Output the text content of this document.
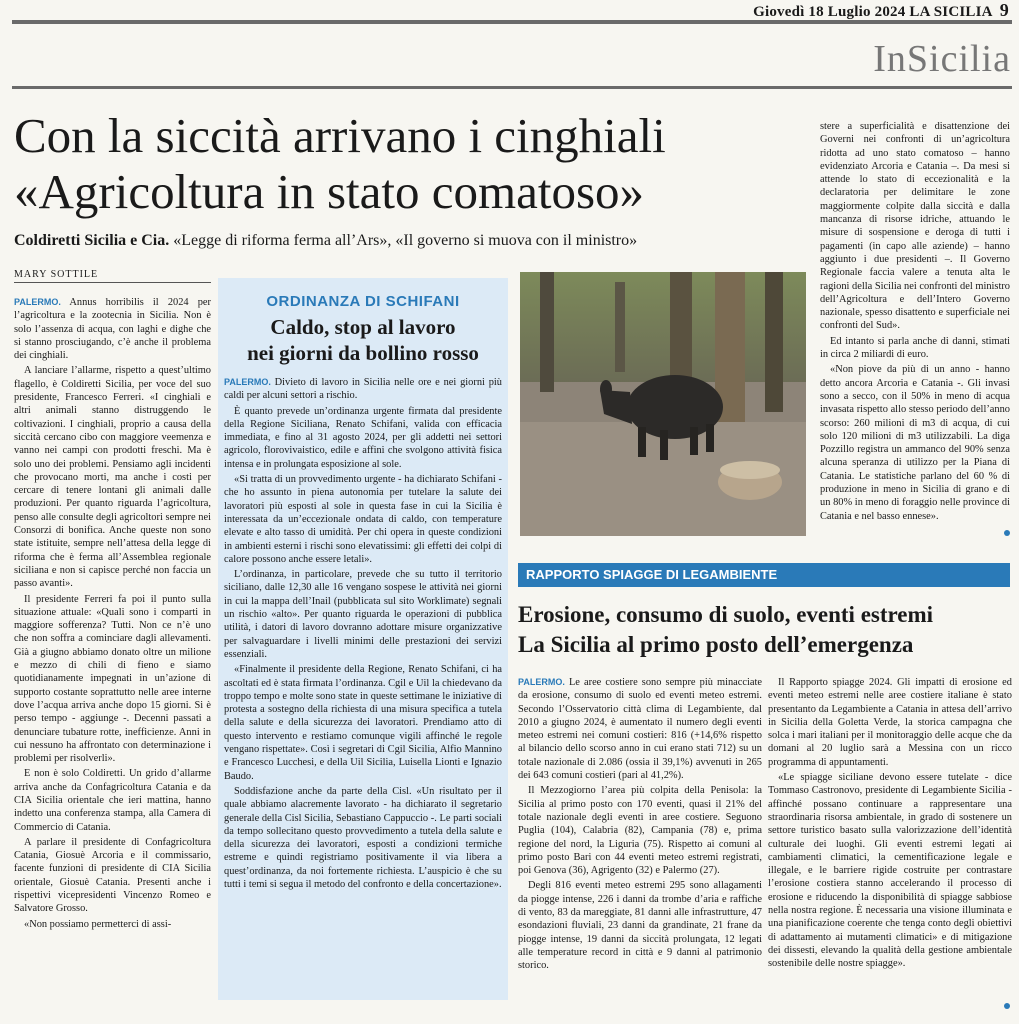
Giovedì 18 Luglio 2024 LA SICILIA 9
InSicilia
Con la siccità arrivano i cinghiali
«Agricoltura in stato comatoso»
Coldiretti Sicilia e Cia. «Legge di riforma ferma all’Ars», «Il governo si muova con il ministro»
MARY SOTTILE

PALERMO. Annus horribilis il 2024 per l’agricoltura e la zootecnia in Sicilia. Non è solo l’assenza di acqua, con laghi e dighe che si stanno prosciugando, c’è anche il problema dei cinghiali.

A lanciare l’allarme, rispetto a quest’ultimo flagello, è Coldiretti Sicilia, per voce del suo presidente, Francesco Ferreri. «I cinghiali e altri animali stanno distruggendo le coltivazioni. I cinghiali, proprio a causa della siccità cercano cibo con maggiore veemenza e vanno nei campi con prodotti freschi. Ma è solo uno dei problemi. Pensiamo agli incidenti che provocano morti, ma anche i costi per cercare di tenere lontani gli animali dalle produzioni. Per quanto riguarda l’agricoltura, penso alle consulte degli agricoltori sempre nei Consorzi di bonifica. Anche queste non sono state istituite, sempre nell’attesa della legge di riforma che è ferma all’Assemblea regionale siciliana e non si capisce perché non faccia un passo avanti».

Il presidente Ferreri fa poi il punto sulla situazione attuale: «Quali sono i comparti in maggiore sofferenza? Tutti. Non ce n’è uno che non soffra a cominciare dagli allevamenti. Già a giugno abbiamo donato oltre un milione e mezzo di chili di fieno e siamo quotidianamente impegnati in un’azione di supporto costante soprattutto nelle aree interne dove l’acqua arriva anche dopo 15 giorni. Si è perso tempo - aggiunge -. Decenni passati a denunciare tubature rotte, inefficienze. Anni in cui nessuno ha affrontato con determinazione i problemi per risolverli».

E non è solo Coldiretti. Un grido d’allarme arriva anche da Confagricoltura Catania e da CIA Sicilia orientale che ieri mattina, hanno indetto una conferenza stampa, alla Camera di Commercio di Catania.

A parlare il presidente di Confagricoltura Catania, Giosuè Arcoria e il commissario, facente funzioni di presidente di CIA Sicilia orientale, Giosuè Catania. Presenti anche i rispettivi vicepresidenti Vincenzo Romeo e Salvatore Grosso.

«Non possiamo permetterci di assi-

ORDINANZA DI SCHIFANI
Caldo, stop al lavoro
nei giorni da bollino rosso

PALERMO. Divieto di lavoro in Sicilia nelle ore e nei giorni più caldi per alcuni settori a rischio.

È quanto prevede un’ordinanza urgente firmata dal presidente della Regione Siciliana, Renato Schifani, valida con efficacia immediata, e fino al 31 agosto 2024, per gli addetti nei settori agricolo, florovivaistico, edile e affini che svolgono attività fisica intensa e in prolungata esposizione al sole.

«Si tratta di un provvedimento urgente - ha dichiarato Schifani - che ho assunto in piena autonomia per tutelare la salute dei lavoratori più esposti al sole in questa fase in cui la Sicilia è interessata da un’eccezionale ondata di caldo, con temperature elevate e alto tasso di umidità. Per chi opera in queste condizioni in ambienti esterni i rischi sono elevatissimi: gli effetti dei colpi di calore possono anche essere letali».

L’ordinanza, in particolare, prevede che su tutto il territorio siciliano, dalle 12,30 alle 16 vengano sospese le attività nei giorni in cui la mappa dell’Inail (pubblicata sul sito Worklimate) segnali un rischio «alto». Per quanto riguarda le operazioni di pubblica utilità, i datori di lavoro dovranno adottare misure organizzative per salvaguardare i livelli minimi delle prestazioni dei servizi essenziali.

«Finalmente il presidente della Regione, Renato Schifani, ci ha ascoltati ed è stata firmata l’ordinanza. Cgil e Uil la chiedevano da troppo tempo e molte sono state in queste settimane le iniziative di protesta a sostegno della richiesta di una misura specifica a tutela della salute e della sicurezza dei lavoratori. Prendiamo atto di questo intervento e restiamo comunque vigili affinché le regole vengano rispettate». Così i segretari di Cgil Sicilia, Alfio Mannino e Francesco Lucchesi, e della Uil Sicilia, Luisella Lionti e Ignazio Baudo.

Soddisfazione anche da parte della Cisl. «Un risultato per il quale abbiamo alacremente lavorato - ha dichiarato il segretario generale della Cisl Sicilia, Sebastiano Cappuccio -. Le parti sociali da tempo sollecitano questo provvedimento a tutela della salute e della sicurezza dei lavoratori, esposti a condizioni termiche estreme e quindi registriamo positivamente il via libera a quest’ordinanza, da noi fortemente richiesta. L’auspicio è che su tutti i temi si segua il metodo del confronto e della concertazione».

stere a superficialità e disattenzione dei Governi nei confronti di un’agricoltura ridotta ad uno stato comatoso – hanno evidenziato Arcoria e Catania –. Da mesi si attende lo stato di eccezionalità e la declaratoria per delimitare le zone maggiormente colpite dalla siccità e dalla mancanza di risorse idriche, attuando le misure di sospensione e deroga di tutti i pagamenti (in capo alle aziende) – hanno aggiunto i due presidenti –. Il Governo Regionale faccia valere a tenuta alta le ragioni della Sicilia nei confronti del ministro dell’Agricoltura e dell’Intero Governo nazionale, spesso disattento e superficiale nei confronti del Sud».

Ed intanto si parla anche di danni, stimati in circa 2 miliardi di euro.

«Non piove da più di un anno - hanno detto ancora Arcoria e Catania -. Gli invasi sono a secco, con il 50% in meno di acqua invasata rispetto allo stesso periodo dell’anno scorso: 260 milioni di m3 di acqua, di cui solo 120 milioni di m3 utilizzabili. La diga Pozzillo registra un ammanco del 90% senza alcuna speranza di utilizzo per la Piana di Catania. Le statistiche parlano del 60 % di produzione in meno in Sicilia di grano e di un 80% in meno di foraggio nelle province di Catania e nel basso ennese».

RAPPORTO SPIAGGE DI LEGAMBIENTE
Erosione, consumo di suolo, eventi estremi
La Sicilia al primo posto dell’emergenza

PALERMO. Le aree costiere sono sempre più minacciate da erosione, consumo di suolo ed eventi meteo estremi. Secondo l’Osservatorio città clima di Legambiente, dal 2010 a giugno 2024, è aumentato il numero degli eventi meteo estremi nei comuni costieri: 816 (+14,6% rispetto al bilancio dello scorso anno in cui erano stati 712) su un totale nazionale di 2.086 (ossia il 39,1%) avvenuti in 265 dei 643 comuni costieri (pari al 41,2%).

Il Mezzogiorno l’area più colpita della Penisola: la Sicilia al primo posto con 170 eventi, quasi il 21% del totale nazionale degli eventi in aree costiere. Seguono Puglia (104), Calabria (82), Campania (78) e, prima regione del nord, la Liguria (75). Rispetto ai comuni al primo posto Bari con 44 eventi meteo estremi registrati, poi Genova (36), Agrigento (32) e Palermo (27).

Degli 816 eventi meteo estremi 295 sono allagamenti da piogge intense, 226 i danni da trombe d’aria e raffiche di vento, 83 da mareggiate, 81 danni alle infrastrutture, 47 esondazioni fluviali, 23 danni da grandinate, 21 frane da piogge intense, 19 danni da siccità prolungata, 12 legati alle temperature record in città e 9 danni al patrimonio storico.

Il Rapporto spiagge 2024. Gli impatti di erosione ed eventi meteo estremi nelle aree costiere italiane è stato presentanto da Legambiente a Catania in attesa dell’arrivo in Sicilia della Goletta Verde, la storica campagna che solca i mari italiani per il monitoraggio delle acque che da domani al 20 luglio sarà a Messina con un ricco programma di appuntamenti.

«Le spiagge siciliane devono essere tutelate - dice Tommaso Castronovo, presidente di Legambiente Sicilia - affinché possano continuare a rappresentare una straordinaria risorsa ambientale, in grado di sostenere un settore turistico basato sulla valorizzazione dell’identità culturale dei luoghi. Gli eventi estremi legati ai cambiamenti climatici, la cementificazione legale e illegale, e le barriere rigide costruite per contrastare l’erosione costiera stanno accelerando il processo di erosione e riducendo la disponibilità di spiagge sabbiose nella nostra regione. È necessaria una visione illuminata e una pianificazione coerente che tenga conto degli obiettivi di adattamento ai mutamenti climatici» e di mitigazione dei dissesti, elevando la qualità della gestione ambientale sostenibile delle nostre spiagge».
